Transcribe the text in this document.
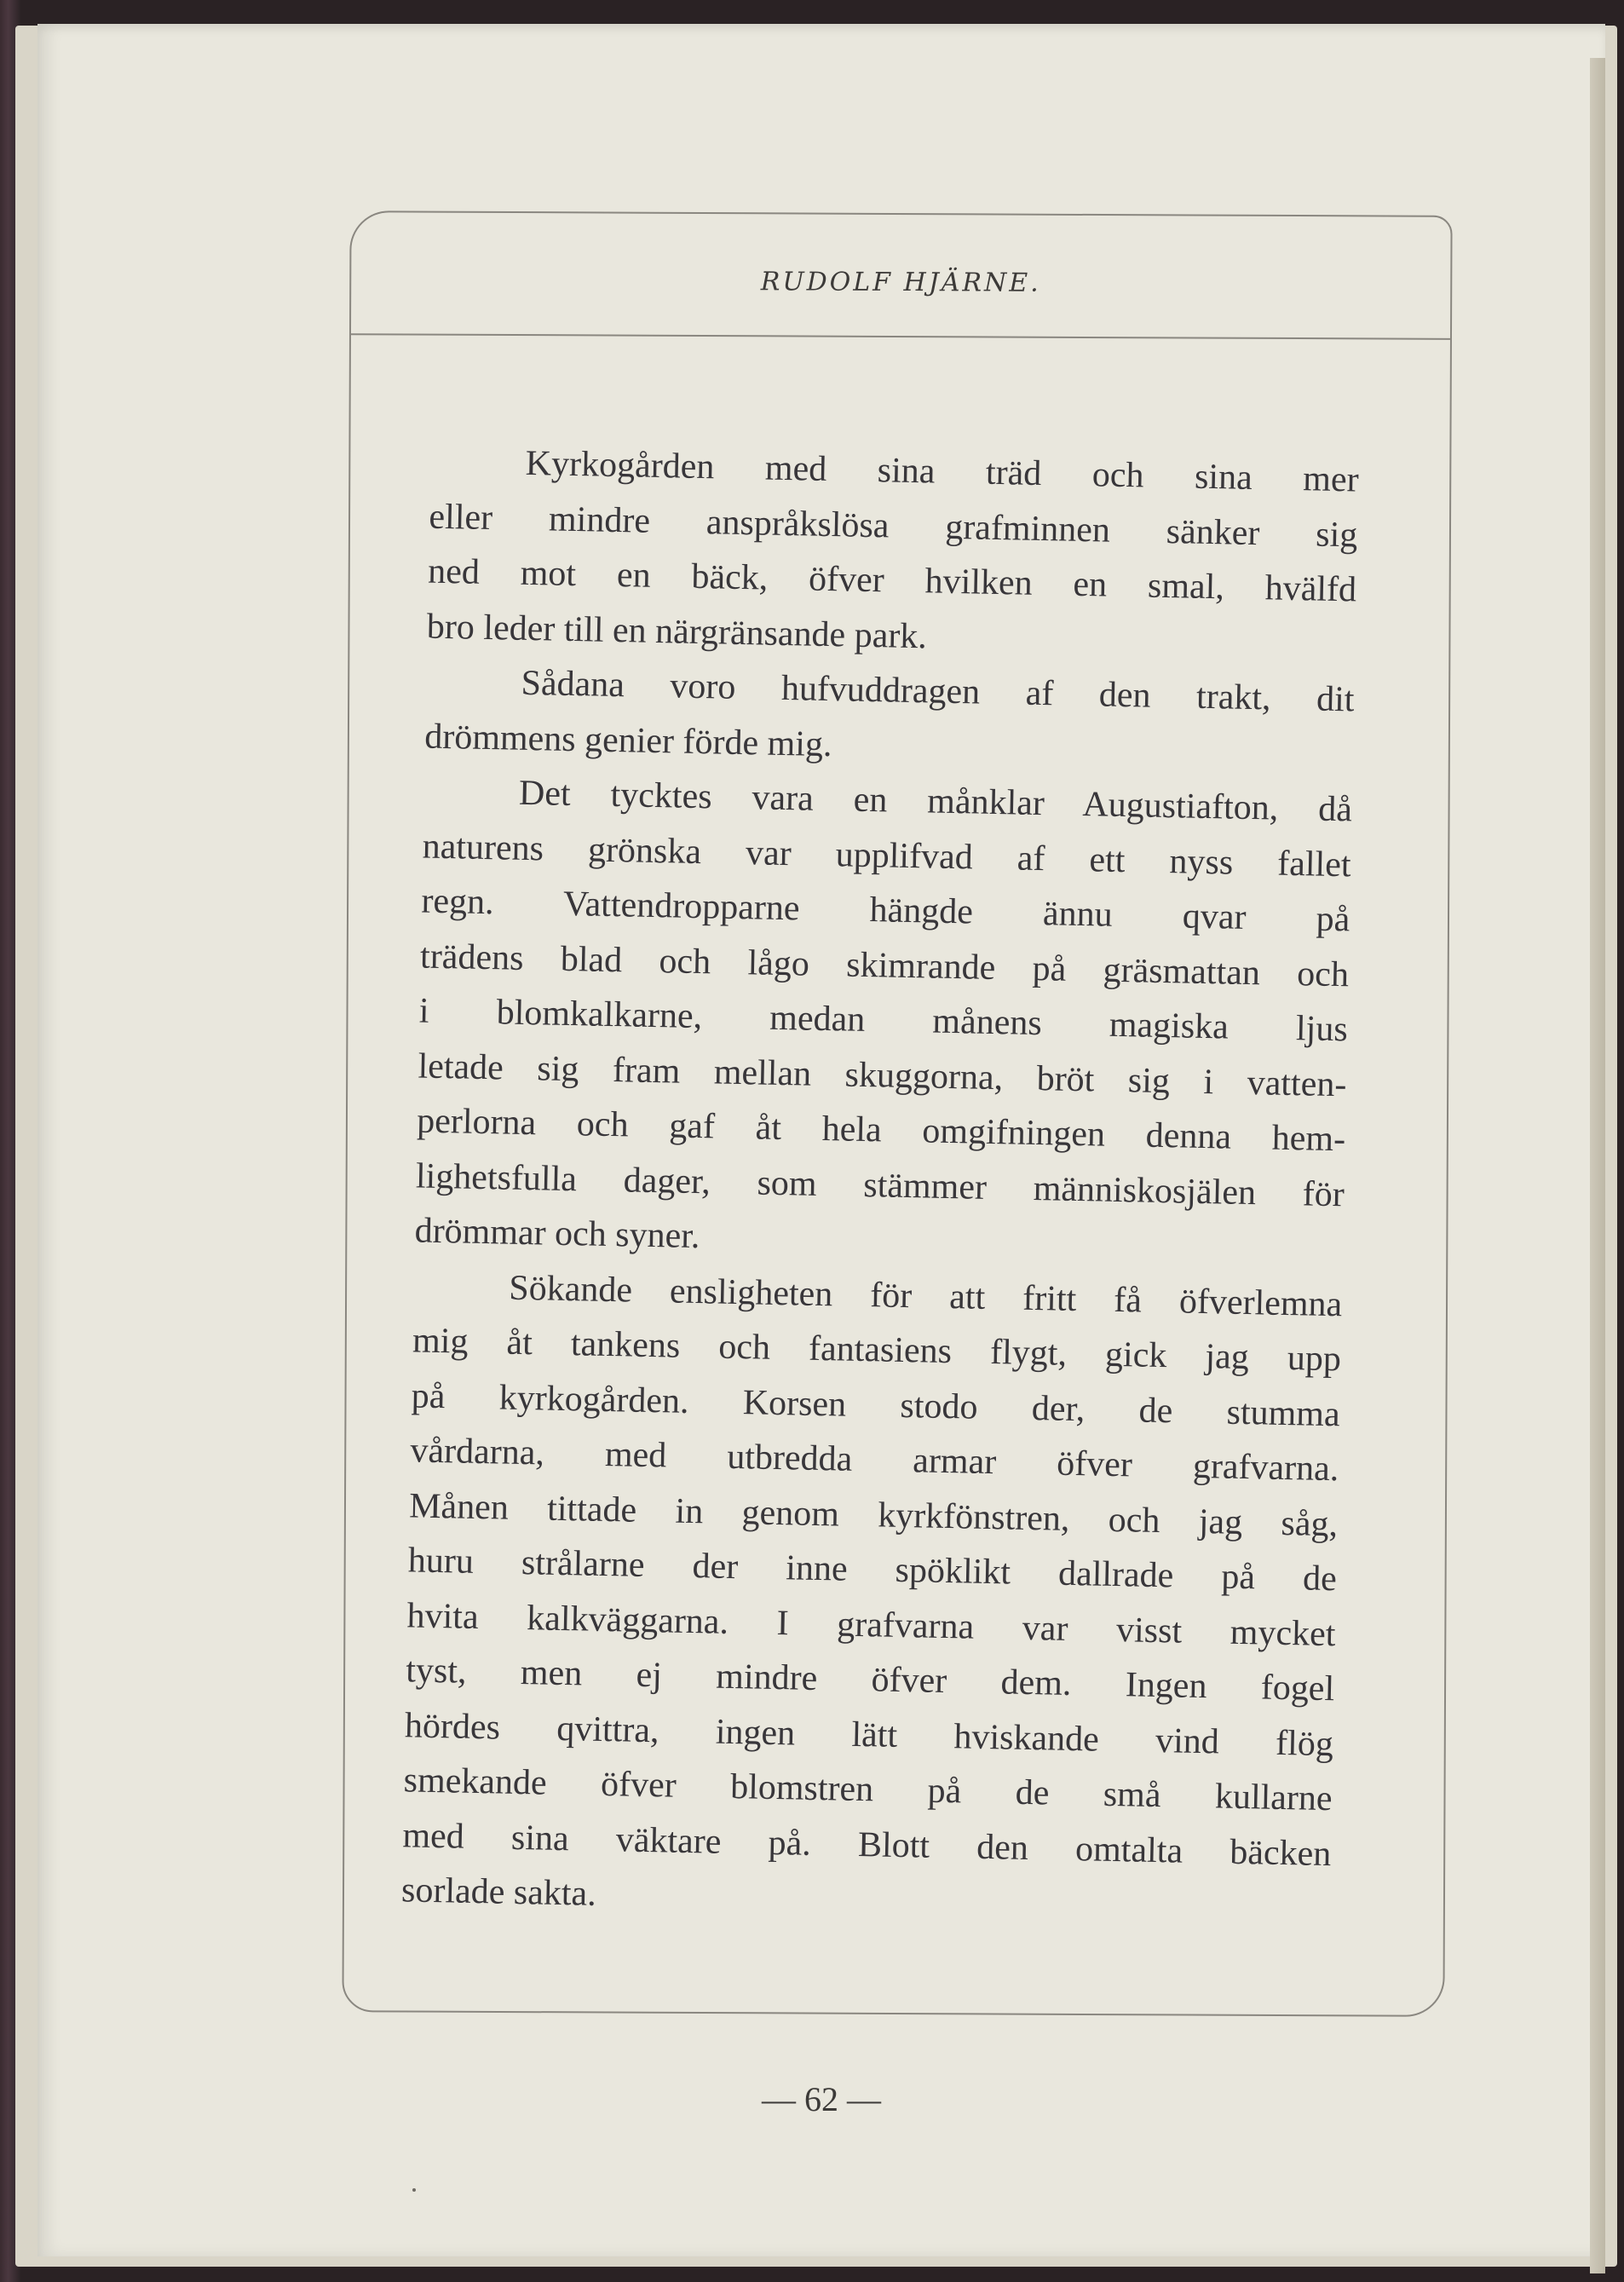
RUDOLF HJÄRNE.

Kyrkogården med sina träd och sina mer
eller mindre anspråkslösa grafminnen sänker sig
ned mot en bäck, öfver hvilken en smal, hvälfd
bro leder till en närgränsande park.

Sådana voro hufvuddragen af den trakt, dit
drömmens genier förde mig.

Det tycktes vara en månklar Augustiafton, då
naturens grönska var upplifvad af ett nyss fallet
regn. Vattendropparne hängde ännu qvar på
trädens blad och lågo skimrande på gräsmattan och
i blomkalkarne, medan månens magiska ljus
letade sig fram mellan skuggorna, bröt sig i vatten-
perlorna och gaf åt hela omgifningen denna hem-
lighetsfulla dager, som stämmer människosjälen för
drömmar och syner.

Sökande ensligheten för att fritt få öfverlemna
mig åt tankens och fantasiens flygt, gick jag upp
på kyrkogården. Korsen stodo der, de stumma
vårdarna, med utbredda armar öfver grafvarna.
Månen tittade in genom kyrkfönstren, och jag såg,
huru strålarne der inne spöklikt dallrade på de
hvita kalkväggarna. I grafvarna var visst mycket
tyst, men ej mindre öfver dem. Ingen fogel
hördes qvittra, ingen lätt hviskande vind flög
smekande öfver blomstren på de små kullarne
med sina väktare på. Blott den omtalta bäcken
sorlade sakta.

— 62 —
